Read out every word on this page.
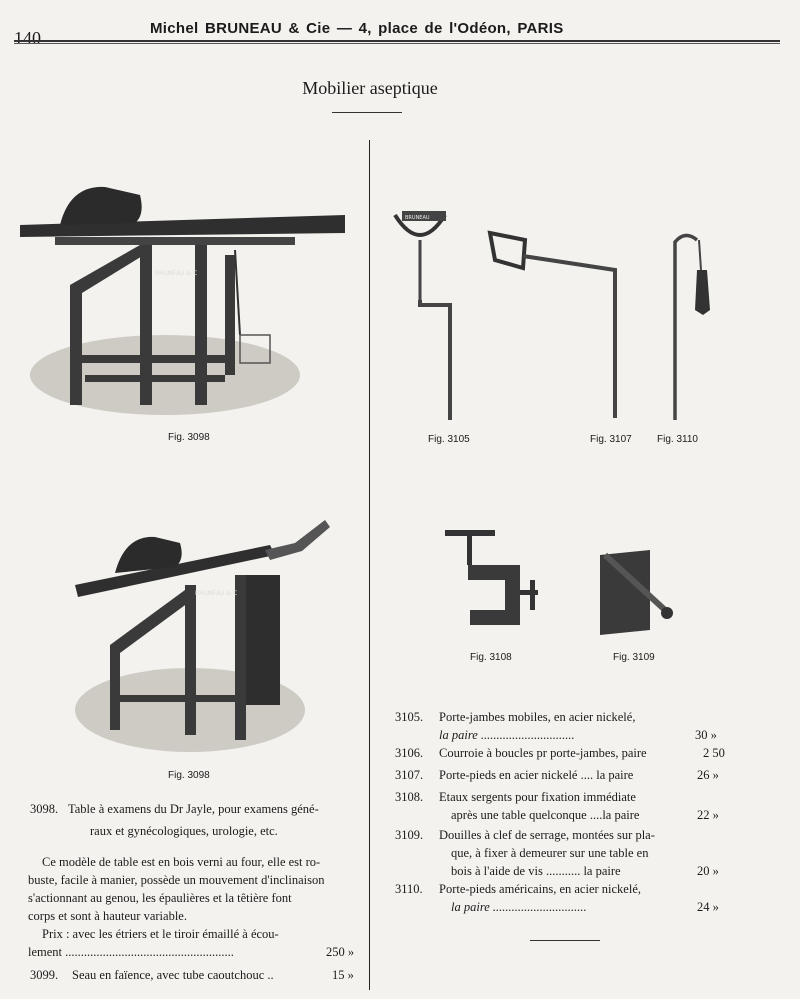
140	Michel BRUNEAU & Cie — 4, place de l'Odéon, PARIS
Mobilier aseptique
BRUNEAU & C
Fig. 3098
BRUNEAU & C
Fig. 3098
BRUNEAU
Fig. 3105	Fig. 3107	Fig. 3110
Fig. 3108	Fig. 3109
3098. Table à examens du Dr Jayle, pour examens géné-
raux et gynécologiques, urologie, etc.
Ce modèle de table est en bois verni au four, elle est ro-
buste, facile à manier, possède un mouvement d'inclinaison
s'actionnant au genou, les épaulières et la têtière font
corps et sont à hauteur variable.
Prix : avec les étriers et le tiroir émaillé à écou-
lement ......................................................	250 »
3099. Seau en faïence, avec tube caoutchouc ..	15 »
3105. Porte-jambes mobiles, en acier nickelé,
la paire ..............................	30 »
3106. Courroie à boucles pr porte-jambes, paire	2 50
3107. Porte-pieds en acier nickelé .... la paire	26 »
3108. Etaux sergents pour fixation immédiate
après une table quelconque ....la paire	22 »
3109. Douilles à clef de serrage, montées sur pla-
que, à fixer à demeurer sur une table en
bois à l'aide de vis ........... la paire	20 »
3110. Porte-pieds américains, en acier nickelé,
la paire ..............................	24 »
